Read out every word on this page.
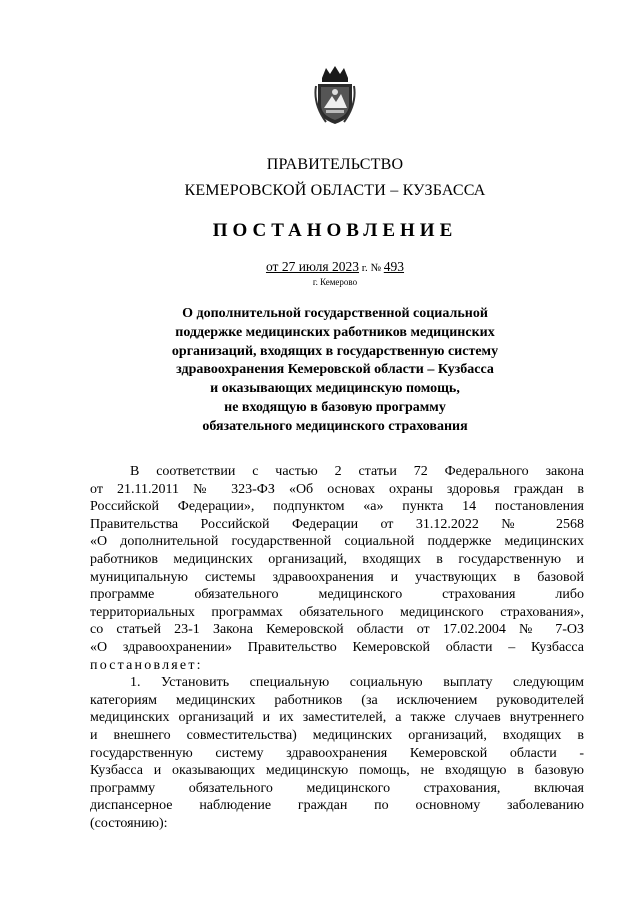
ПРАВИТЕЛЬСТВО
КЕМЕРОВСКОЙ ОБЛАСТИ – КУЗБАССА
ПОСТАНОВЛЕНИЕ
от 27 июля 2023 г. № 493
г. Кемерово
О дополнительной государственной социальной
поддержке медицинских работников медицинских
организаций, входящих в государственную систему
здравоохранения Кемеровской области – Кузбасса
и оказывающих медицинскую помощь,
не входящую в базовую программу
обязательного медицинского страхования
В соответствии с частью 2 статьи 72 Федерального закона
от 21.11.2011 № 323-ФЗ «Об основах охраны здоровья граждан в
Российской Федерации», подпунктом «а» пункта 14 постановления
Правительства Российской Федерации от 31.12.2022 № 2568
«О дополнительной государственной социальной поддержке медицинских
работников медицинских организаций, входящих в государственную и
муниципальную системы здравоохранения и участвующих в базовой
программе обязательного медицинского страхования либо
территориальных программах обязательного медицинского страхования»,
со статьей 23-1 Закона Кемеровской области от 17.02.2004 № 7-ОЗ
«О здравоохранении» Правительство Кемеровской области – Кузбасса
постановляет:
1. Установить специальную социальную выплату следующим
категориям медицинских работников (за исключением руководителей
медицинских организаций и их заместителей, а также случаев внутреннего
и внешнего совместительства) медицинских организаций, входящих в
государственную систему здравоохранения Кемеровской области -
Кузбасса и оказывающих медицинскую помощь, не входящую в базовую
программу обязательного медицинского страхования, включая
диспансерное наблюдение граждан по основному заболеванию
(состоянию):
